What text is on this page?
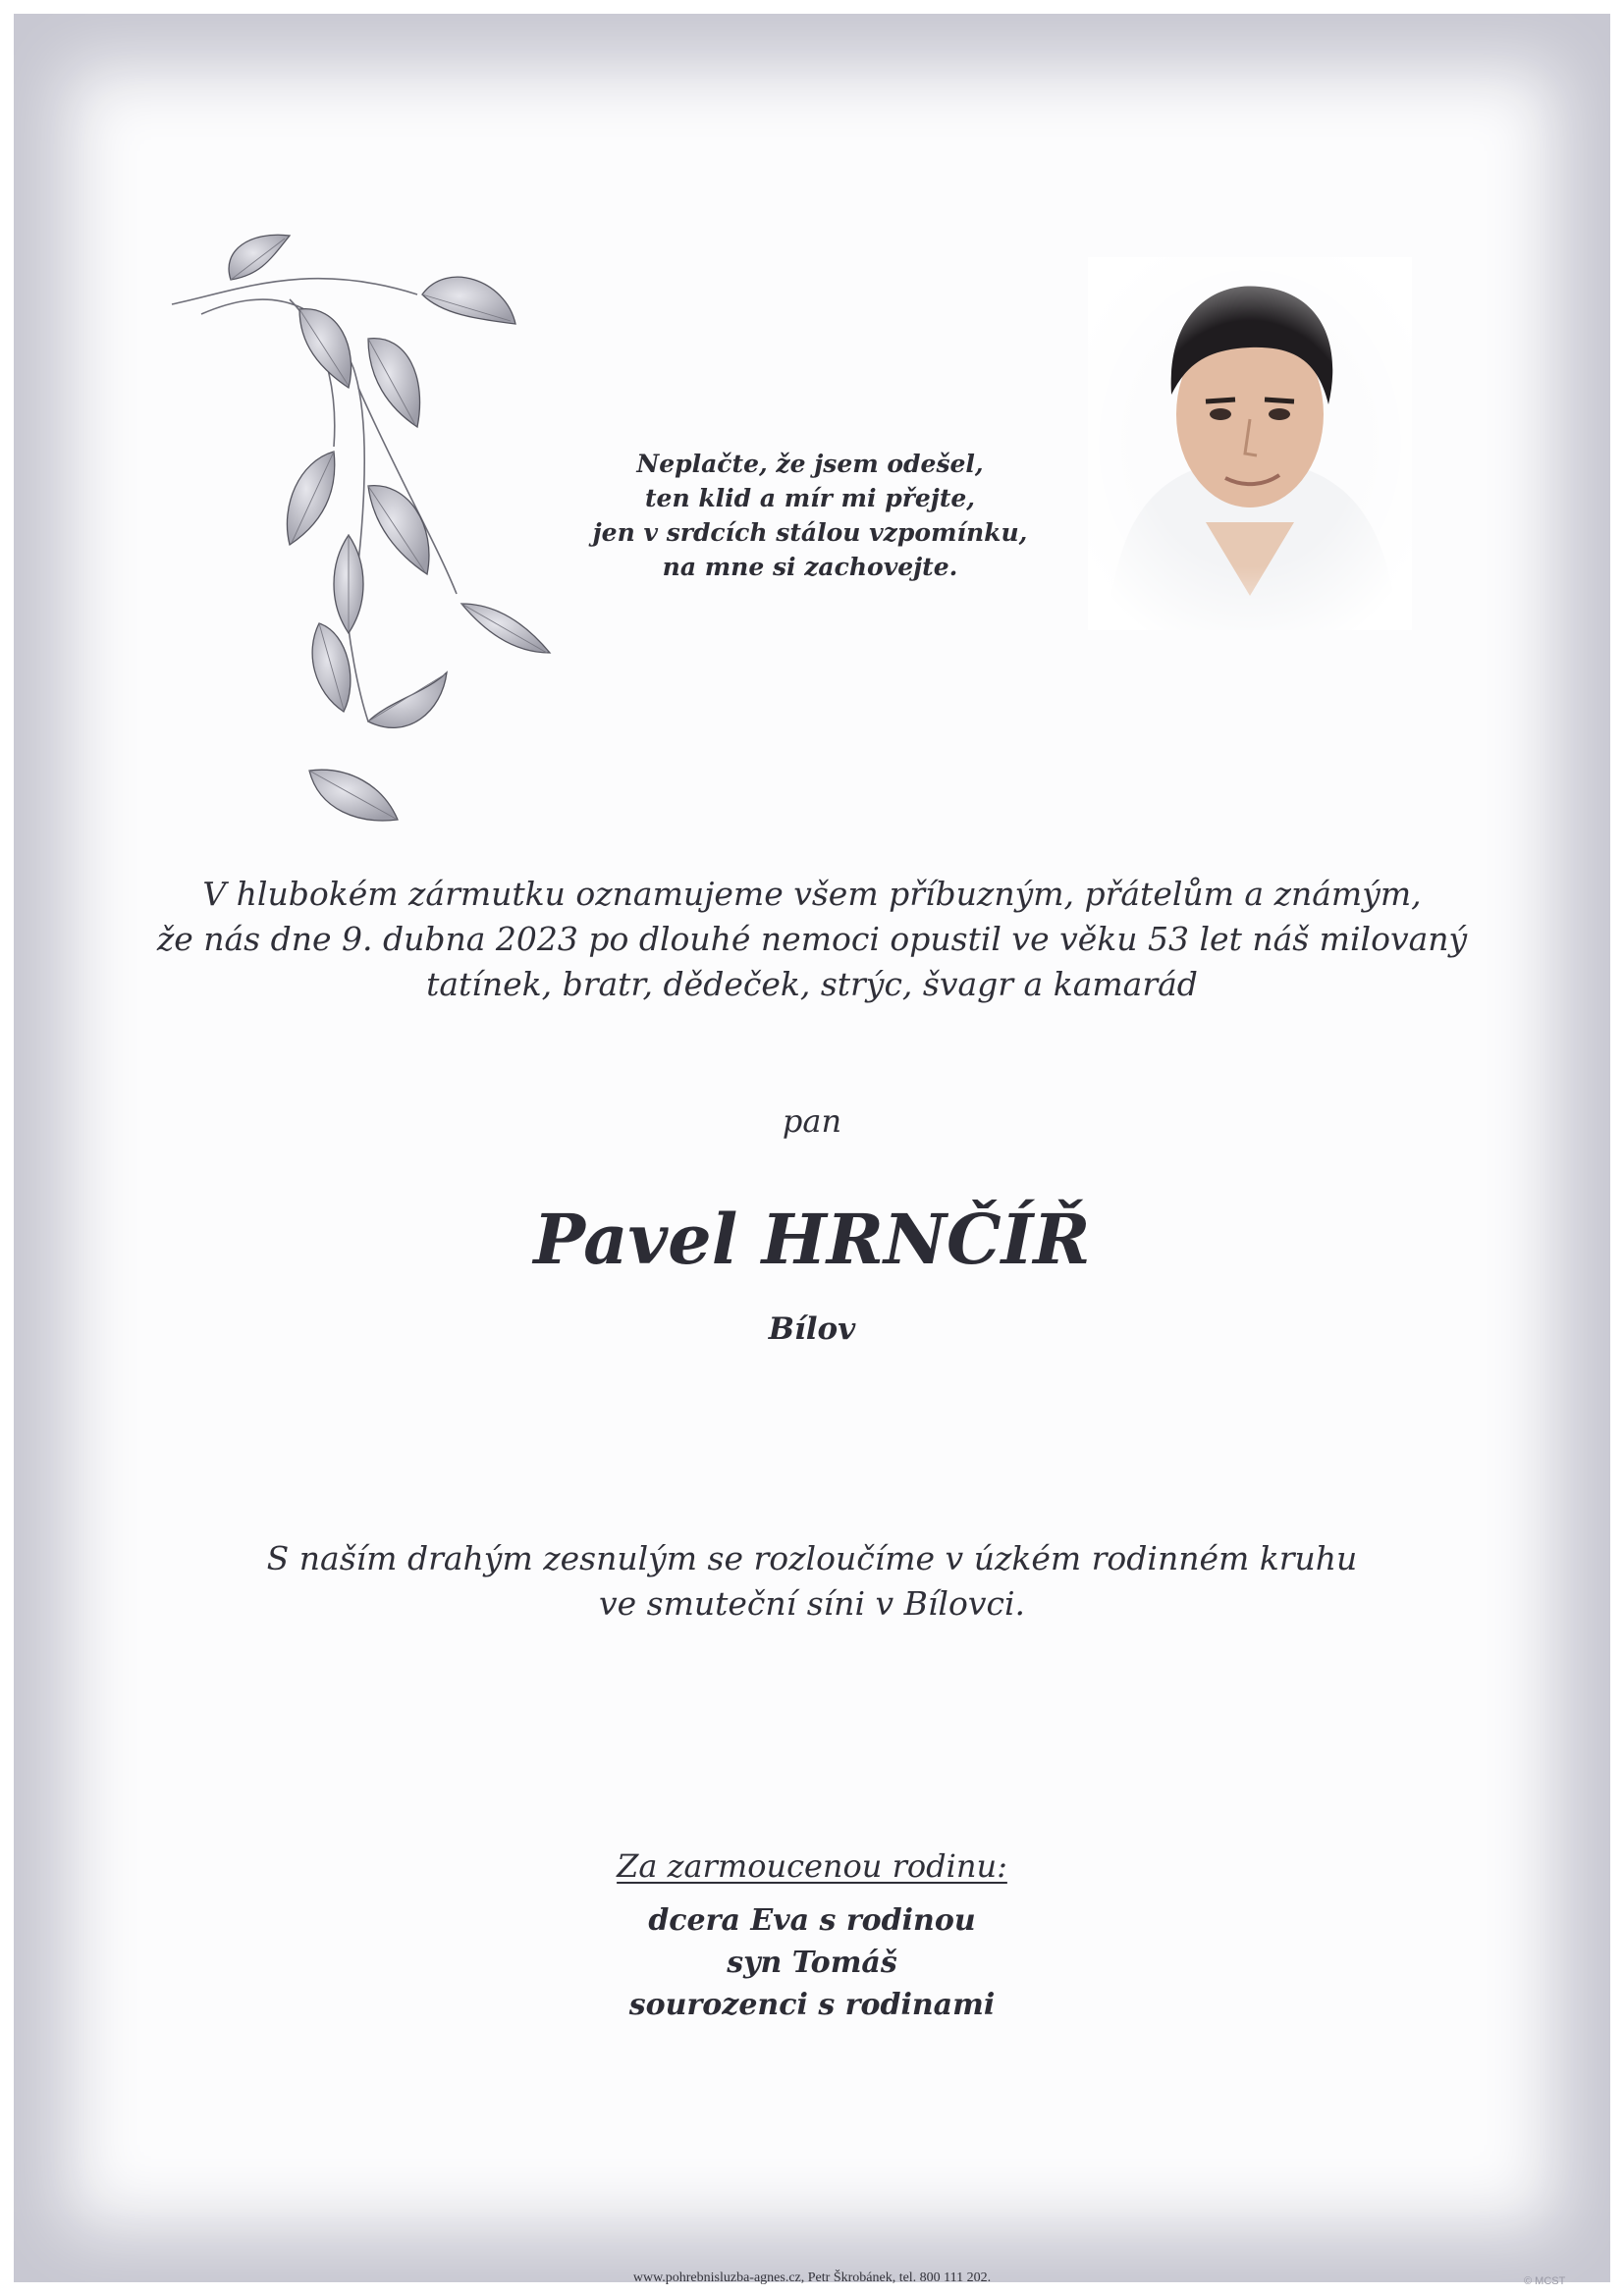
Neplačte, že jsem odešel,
ten klid a mír mi přejte,
jen v srdcích stálou vzpomínku,
na mne si zachovejte.
V hlubokém zármutku oznamujeme všem příbuzným, přátelům a známým,
že nás dne 9. dubna 2023 po dlouhé nemoci opustil ve věku 53 let náš milovaný
tatínek, bratr, dědeček, strýc, švagr a kamarád
pan
Pavel HRNČÍŘ
Bílov
S naším drahým zesnulým se rozloučíme v úzkém rodinném kruhu
ve smuteční síni v Bílovci.
Za zarmoucenou rodinu:
dcera Eva s rodinou
syn Tomáš
sourozenci s rodinami
www.pohrebnisluzba-agnes.cz, Petr Škrobánek, tel. 800 111 202.	© MCST
